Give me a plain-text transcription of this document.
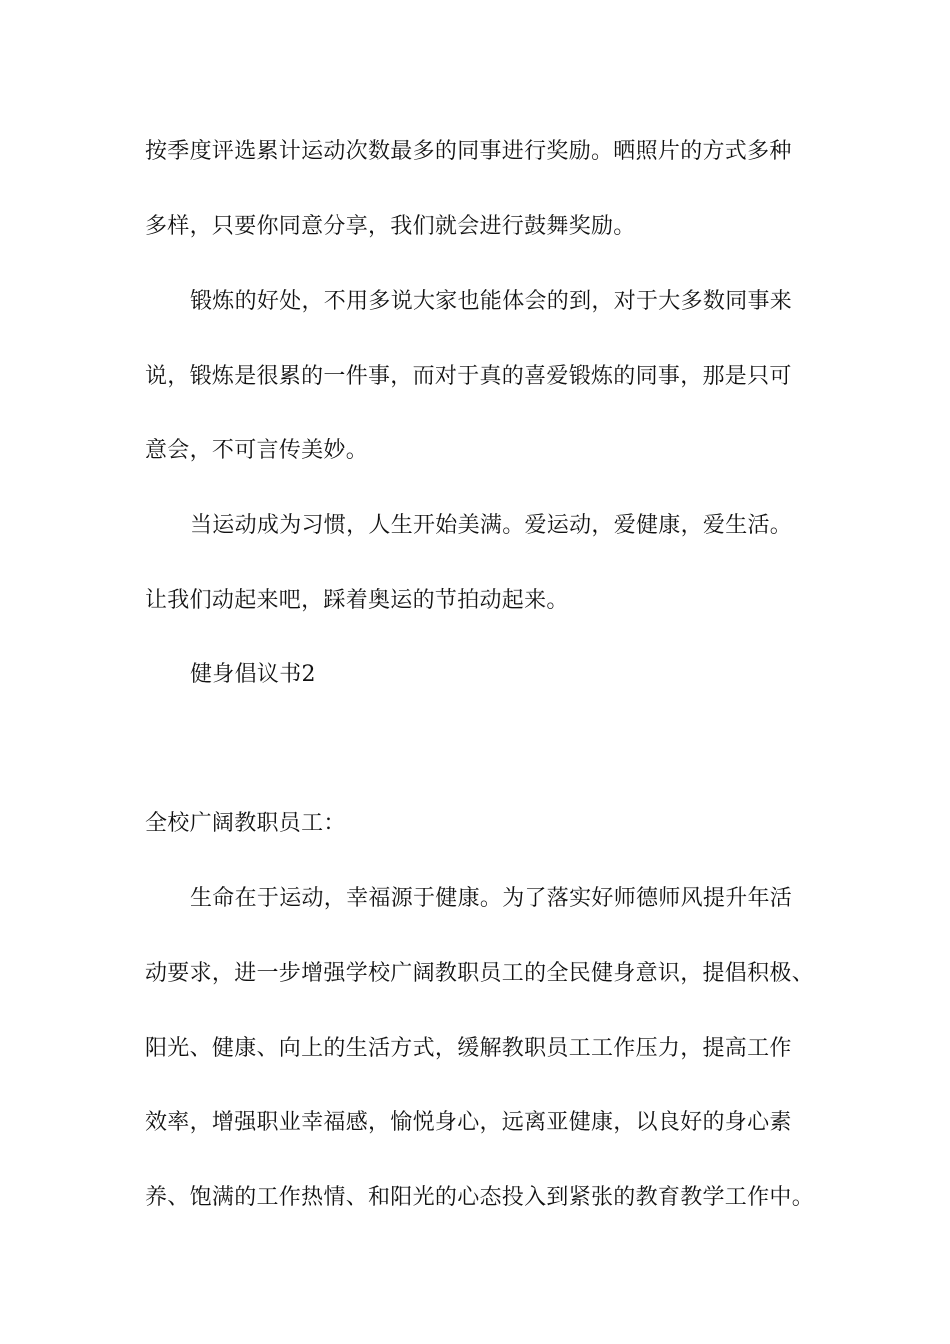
按季度评选累计运动次数最多的同事进行奖励。晒照片的方式多种
多样，只要你同意分享，我们就会进行鼓舞奖励。
锻炼的好处，不用多说大家也能体会的到，对于大多数同事来
说，锻炼是很累的一件事，而对于真的喜爱锻炼的同事，那是只可
意会，不可言传美妙。
当运动成为习惯，人生开始美满。爱运动，爱健康，爱生活。
让我们动起来吧，踩着奥运的节拍动起来。
健身倡议书2
全校广阔教职员工：
生命在于运动，幸福源于健康。为了落实好师德师风提升年活
动要求，进一步增强学校广阔教职员工的全民健身意识，提倡积极、
阳光、健康、向上的生活方式，缓解教职员工工作压力，提高工作
效率，增强职业幸福感，愉悦身心，远离亚健康，以良好的身心素
养、饱满的工作热情、和阳光的心态投入到紧张的教育教学工作中。
